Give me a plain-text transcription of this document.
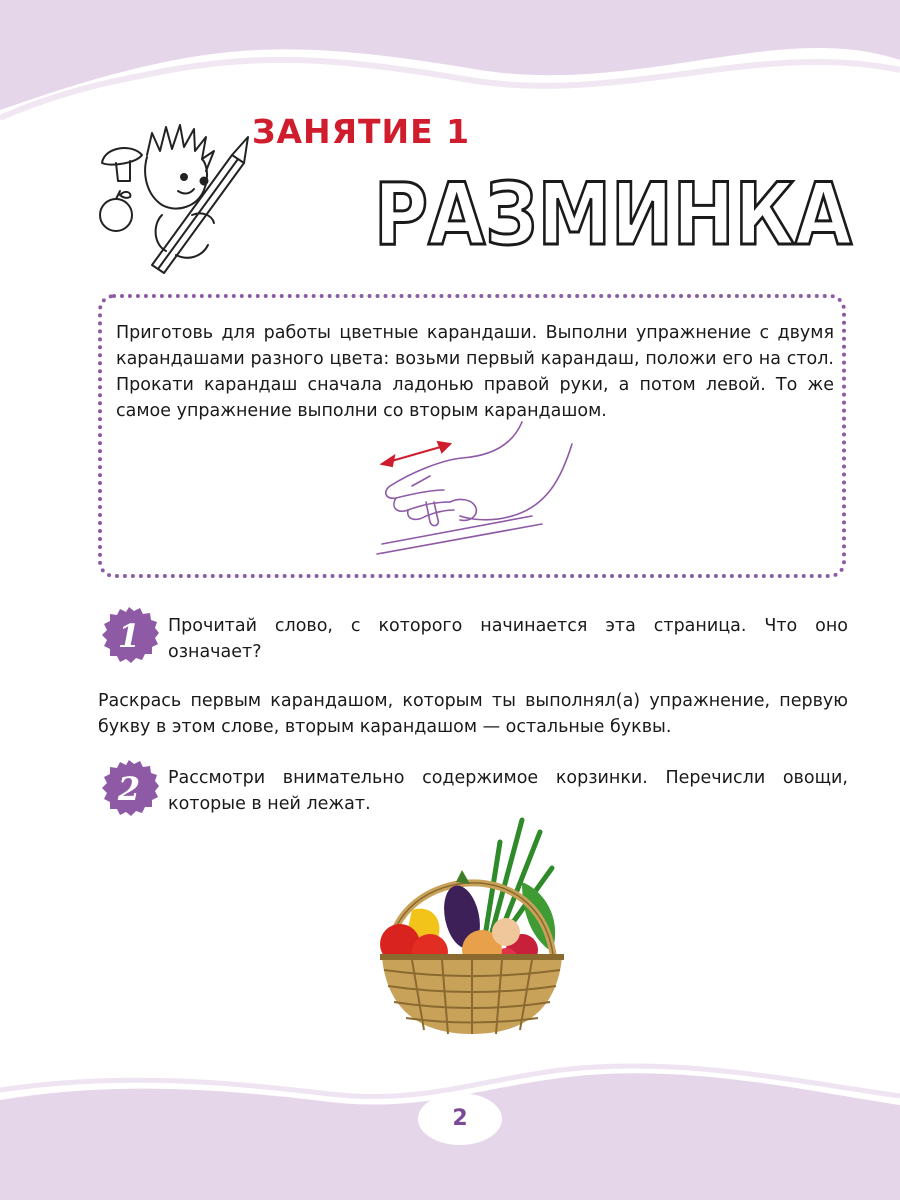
ЗАНЯТИЕ 1
РАЗМИНКА

Приготовь для работы цветные карандаши. Выполни упражнение с двумя карандашами разного цвета: возьми первый карандаш, положи его на стол. Прокати карандаш сначала ладонью правой руки, а потом левой. То же самое упражнение выполни со вторым карандашом.

1	Прочитай слово, с которого начинается эта страница. Что оно означает?

Раскрась первым карандашом, которым ты выполнял(а) упражнение, первую букву в этом слове, вторым карандашом — остальные буквы.

2	Рассмотри внимательно содержимое корзинки. Перечисли овощи, которые в ней лежат.

2
